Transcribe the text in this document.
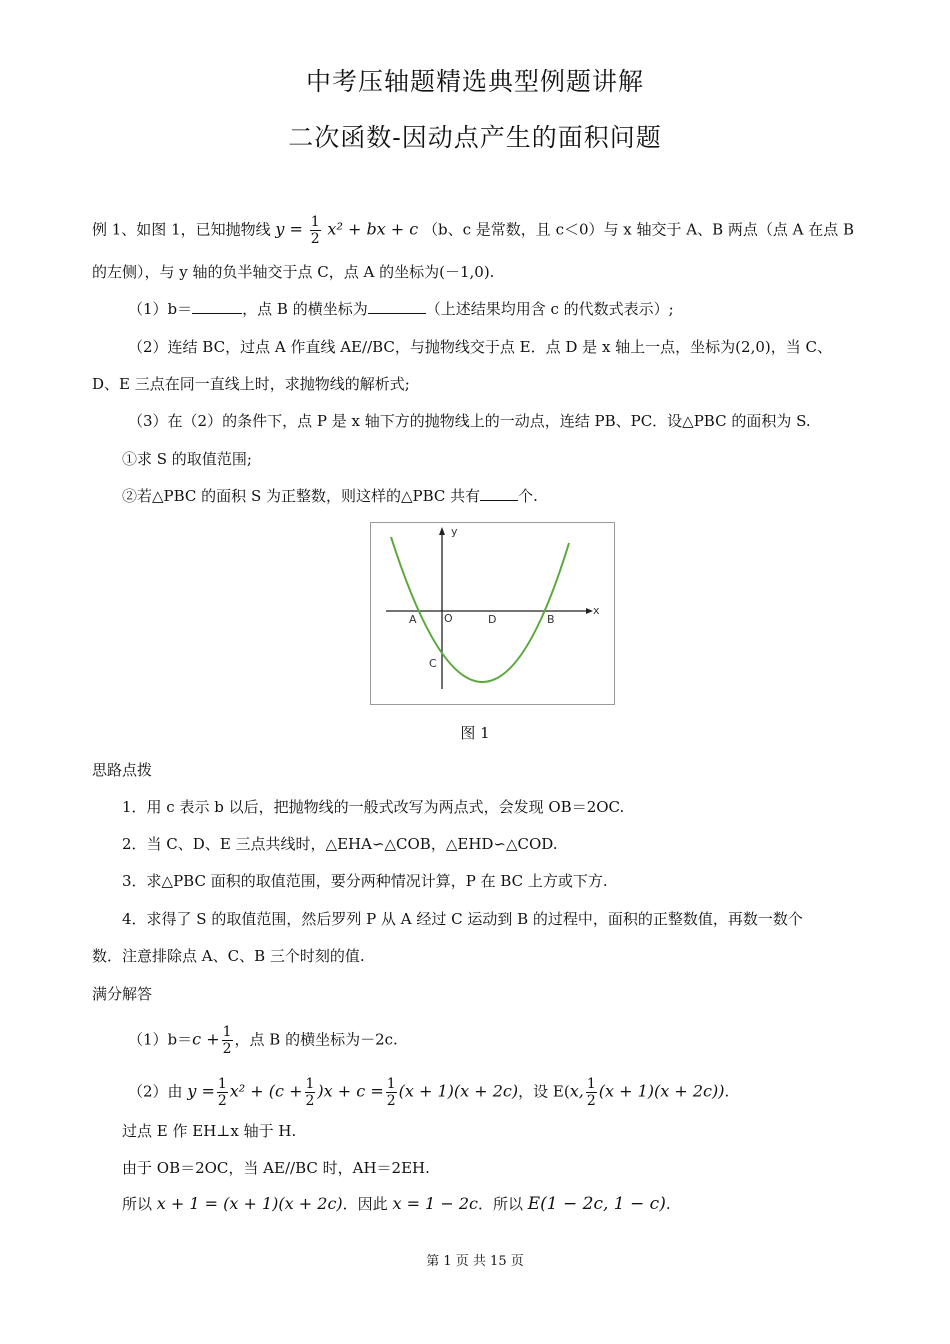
中考压轴题精选典型例题讲解
二次函数-因动点产生的面积问题
例 1、如图 1，已知抛物线 $y = \frac{1}{2} x^2$ + bx + c （b、c 是常数，且 c＜0）与 x 轴交于 A、B 两点（点 A 在点 B
的左侧），与 y 轴的负半轴交于点 C，点 A 的坐标为(－1,0).
（1）b＝	，点 B 的横坐标为	（上述结果均用含 c 的代数式表示）;
（2）连结 BC，过点 A 作直线 AE//BC，与抛物线交于点 E．点 D 是 x 轴上一点，坐标为(2,0)，当 C、
D、E 三点在同一直线上时，求抛物线的解析式;
（3）在（2）的条件下，点 P 是 x 轴下方的抛物线上的一动点，连结 PB、PC．设△PBC 的面积为 S.
①求 S 的取值范围;
②若△PBC 的面积 S 为正整数，则这样的△PBC 共有	个.
y
x
A O	D	B
C
图 1
思路点拨
1．用 c 表示 b 以后，把抛物线的一般式改写为两点式，会发现 OB＝2OC.
2．当 C、D、E 三点共线时，△EHA∽△COB，△EHD∽△COD.
3．求△PBC 面积的取值范围，要分两种情况计算，P 在 BC 上方或下方.
4．求得了 S 的取值范围，然后罗列 P 从 A 经过 C 运动到 B 的过程中，面积的正整数值，再数一数个
数．注意排除点 A、C、B 三个时刻的值.
满分解答
$(1)b=c + \frac{1}{2}$ ，点 B 的横坐标为－2c.
（2）由 $y = \frac{1}{2} x^2 + (c + \frac{1}{2} )x + c = \frac{1}{2} (x + 1)(x + 2c)$，设 E(x, $\frac{1}{2} (x + 1)(x + 2c)$).
过点 E 作 EH⊥x 轴于 H.
由于 OB＝2OC，当 AE//BC 时，AH＝2EH.
所以 x + 1 = (x + 1)(x + 2c)．因此 x = 1 − 2c．所以 E(1 − 2c, 1 − c).
第 1 页 共 15 页
